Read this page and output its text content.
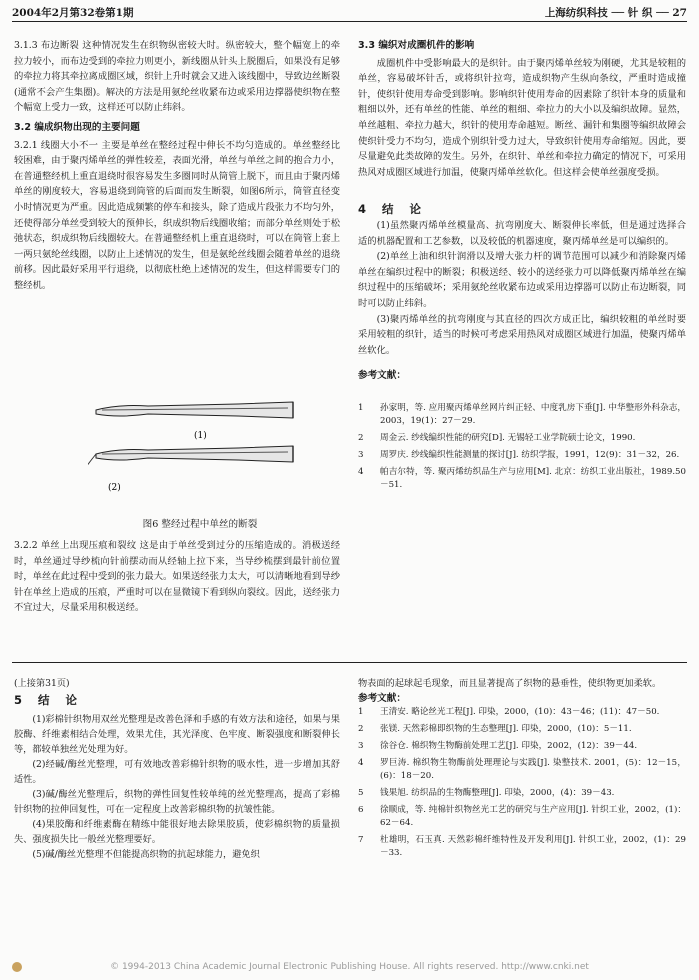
2004年2月第32卷第1期	上海纺织科技 ── 针 织 ── 27

3.1.3 布边断裂 这种情况发生在织物纵密较大时。纵密较大，整个幅宽上的牵拉力较小，而布边受到的牵拉力则更小，新线圈从针头上脱圈后，如果没有足够的牵拉力将其牵拉离成圈区域，织针上升时就会又进入该线圈中，导致边丝断裂(通常不会产生集圈)。解决的方法是用氨纶丝收紧布边或采用边撑器使织物在整个幅宽上受力一致，这样还可以防止纬斜。

3.2 编成织物出现的主要问题

3.2.1 线圈大小不一 主要是单丝在整经过程中伸长不均匀造成的。单丝整经比较困难，由于聚丙烯单丝的弹性较差，表面光滑，单丝与单丝之间的抱合力小，在普通整经机上重直退绕时很容易发生多圈同时从筒管上脱下，而且由于聚丙烯单丝的刚度较大，容易退绕到筒管的后面而发生断裂，如图6所示，筒管直径变小时情况更为严重。因此造成频繁的停车和接头，除了造成片段张力不均匀外，还使得部分单丝受到较大的预伸长，织成织物后线圈收缩；而部分单丝则处于松弛状态，织成织物后线圈较大。在普通整经机上重直退绕时，可以在筒管上套上一两只氨纶丝线圈，以防止上述情况的发生，但是氨纶丝线圈会随着单丝的退绕前移。因此最好采用平行退绕，以彻底杜绝上述情况的发生，但这样需要专门的整经机。

(1)
(2)
图6 整经过程中单丝的断裂

3.2.2 单丝上出现压痕和裂纹 这是由于单丝受到过分的压缩造成的。消极送经时，单丝通过导纱梳向针前摆动而从经轴上拉下来，当导纱梳摆到最针前位置时，单丝在此过程中受到的张力最大。如果送经张力太大，可以清晰地看到导纱针在单丝上造成的压痕，严重时可以在显微镜下看到纵向裂纹。因此，送经张力不宜过大，尽量采用积极送经。

3.3 编织对成圈机件的影响

成圈机件中受影响最大的是织针。由于聚丙烯单丝较为刚硬，尤其是较粗的单丝，容易破坏针舌，或将织针拉弯，造成织物产生纵向条纹，严重时造成撞针，使织针使用寿命受到影响。影响织针使用寿命的因素除了织针本身的质量和粗细以外，还有单丝的性能、单丝的粗细、牵拉力的大小以及编织故障。显然，单丝越粗、牵拉力越大，织针的使用寿命越短。断丝、漏针和集圈等编织故障会使织针受力不均匀，造成个别织针受力过大，导致织针使用寿命缩短。因此，要尽量避免此类故障的发生。另外，在织针、单丝和牵拉力确定的情况下，可采用热风对成圈区域进行加温，使聚丙烯单丝软化。但这样会使单丝强度受损。

4 结 论

(1)虽然聚丙烯单丝模量高、抗弯刚度大、断裂伸长率低，但是通过选择合适的机器配置和工艺参数，以及较低的机器速度，聚丙烯单丝是可以编织的。

(2)单丝上油和织针润滑以及增大张力杆的调节范围可以减少和消除聚丙烯单丝在编织过程中的断裂；积极送经、较小的送经张力可以降低聚丙烯单丝在编织过程中的压缩破坏；采用氨纶丝收紧布边或采用边撑器可以防止布边断裂，同时可以防止纬斜。

(3)聚丙烯单丝的抗弯刚度与其直径的四次方成正比，编织较粗的单丝时要采用较粗的织针，适当的时候可考虑采用热风对成圈区域进行加温，使聚丙烯单丝软化。

参考文献：

1	孙家明，等. 应用聚丙烯单丝网片纠正轻、中度乳房下垂[J]. 中华整形外科杂志，2003，19(1)：27－29.
2	周金云. 纱线编织性能的研究[D]. 无锡轻工业学院硕士论文，1990.
3	周罗庆. 纱线编织性能测量的探讨[J]. 纺织学报，1991，12(9)：31－32，26.
4	帕吉尔特，等. 聚丙烯纺织品生产与应用[M]. 北京：纺织工业出版社，1989.50－51.

(上接第31页)

5 结 论

(1)彩棉针织物用双丝光整理是改善色泽和手感的有效方法和途径，如果与果胶酶、纤维素相结合处理，效果尤佳，其光泽度、色牢度、断裂强度和断裂伸长等，都较单独丝光处理为好。

(2)经碱/酶丝光整理，可有效地改善彩棉针织物的吸水性，进一步增加其舒适性。

(3)碱/酶丝光整理后，织物的弹性回复性较单纯的丝光整理高，提高了彩棉针织物的拉伸回复性，可在一定程度上改善彩棉织物的抗皱性能。

(4)果胶酶和纤维素酶在精练中能很好地去除果胶质，使彩棉织物的质量损失、强度损失比一般丝光整理要好。

(5)碱/酶丝光整理不但能提高织物的抗起球能力，避免织

物表面的起球起毛现象，而且显著提高了织物的悬垂性，使织物更加柔软。

参考文献：

1	王清安. 略论丝光工程[J]. 印染，2000，(10)：43－46；(11)：47－50.
2	张镁. 天然彩棉即织物的生态整理[J]. 印染，2000，(10)：5－11.
3	徐谷仓. 棉织物生物酶前处理工艺[J]. 印染，2002，(12)：39－44.
4	罗巨涛. 棉织物生物酶前处理理论与实践[J]. 染整技术. 2001，(5)：12－15，(6)：18－20.
5	钱果旭. 纺织品的生物酶整理[J]. 印染，2000，(4)：39－43.
6	徐顺成，等. 纯棉针织物丝光工艺的研究与生产应用[J]. 针织工业，2002，(1)：62－64.
7	杜雄明，石玉真. 天然彩棉纤维特性及开发利用[J]. 针织工业，2002，(1)：29－33.
© 1994-2013 China Academic Journal Electronic Publishing House. All rights reserved. http://www.cnki.net
